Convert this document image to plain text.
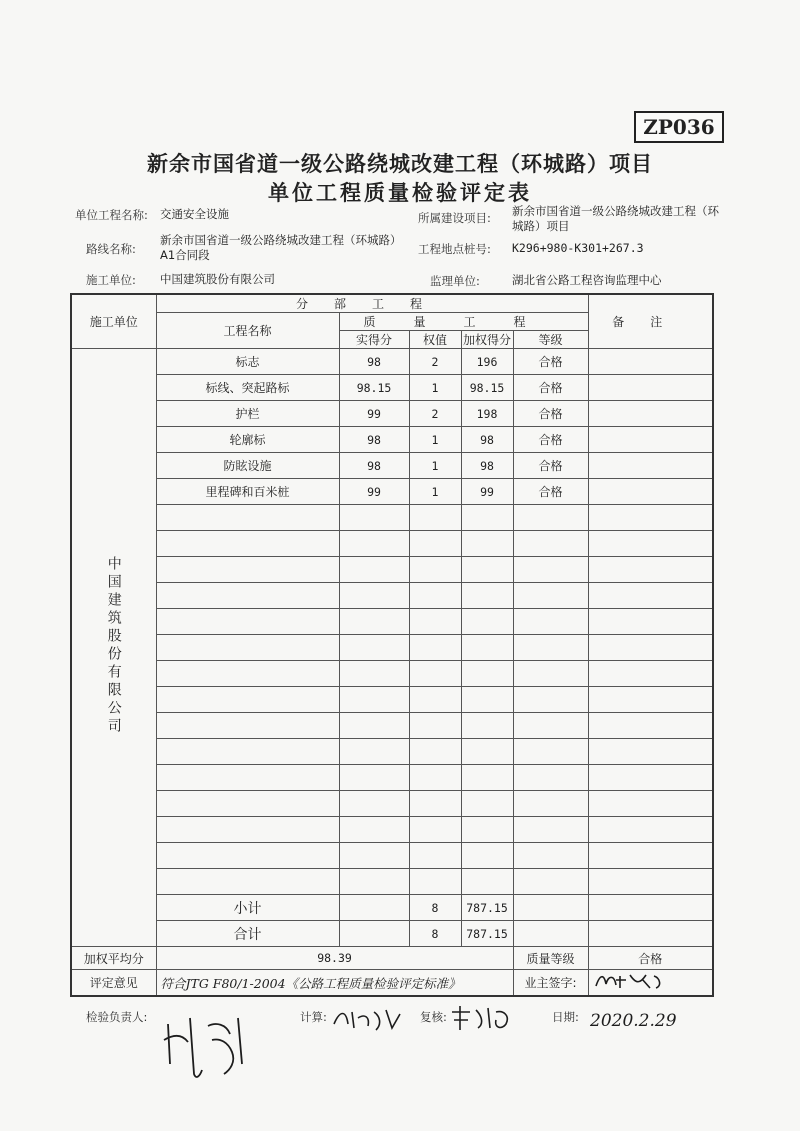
ZP036
新余市国省道一级公路绕城改建工程（环城路）项目
单位工程质量检验评定表
单位工程名称: 交通安全设施	所属建设项目: 新余市国省道一级公路绕城改建工程（环城路）项目
路线名称:
新余市国省道一级公路绕城改建工程（环城路）A1合同段	工程地点桩号: K296+980-K301+267.3
施工单位: 中国建筑股份有限公司	监理单位:	湖北省公路工程咨询监理中心
施工单位	分部工程					备注
	工程名称	质量工程				
		实得分	权值	加权得分	等级	
中国建筑股份有限公司	标志	98	2	196	合格	
	标线、突起路标	98.15	1	98.15	合格	
	护栏	99	2	198	合格	
	轮廓标	98	1	98	合格	
	防眩设施	98	1	98	合格	
	里程碑和百米桩	99	1	99	合格	

	小计		8	787.15		
	合计		8	787.15		
加权平均分	98.39				质量等级	合格
评定意见	符合JTG F80/1-2004《公路工程质量检验评定标准》				业主签字:	
检验负责人:	计算:	复核:	日期: 2020.2.29
